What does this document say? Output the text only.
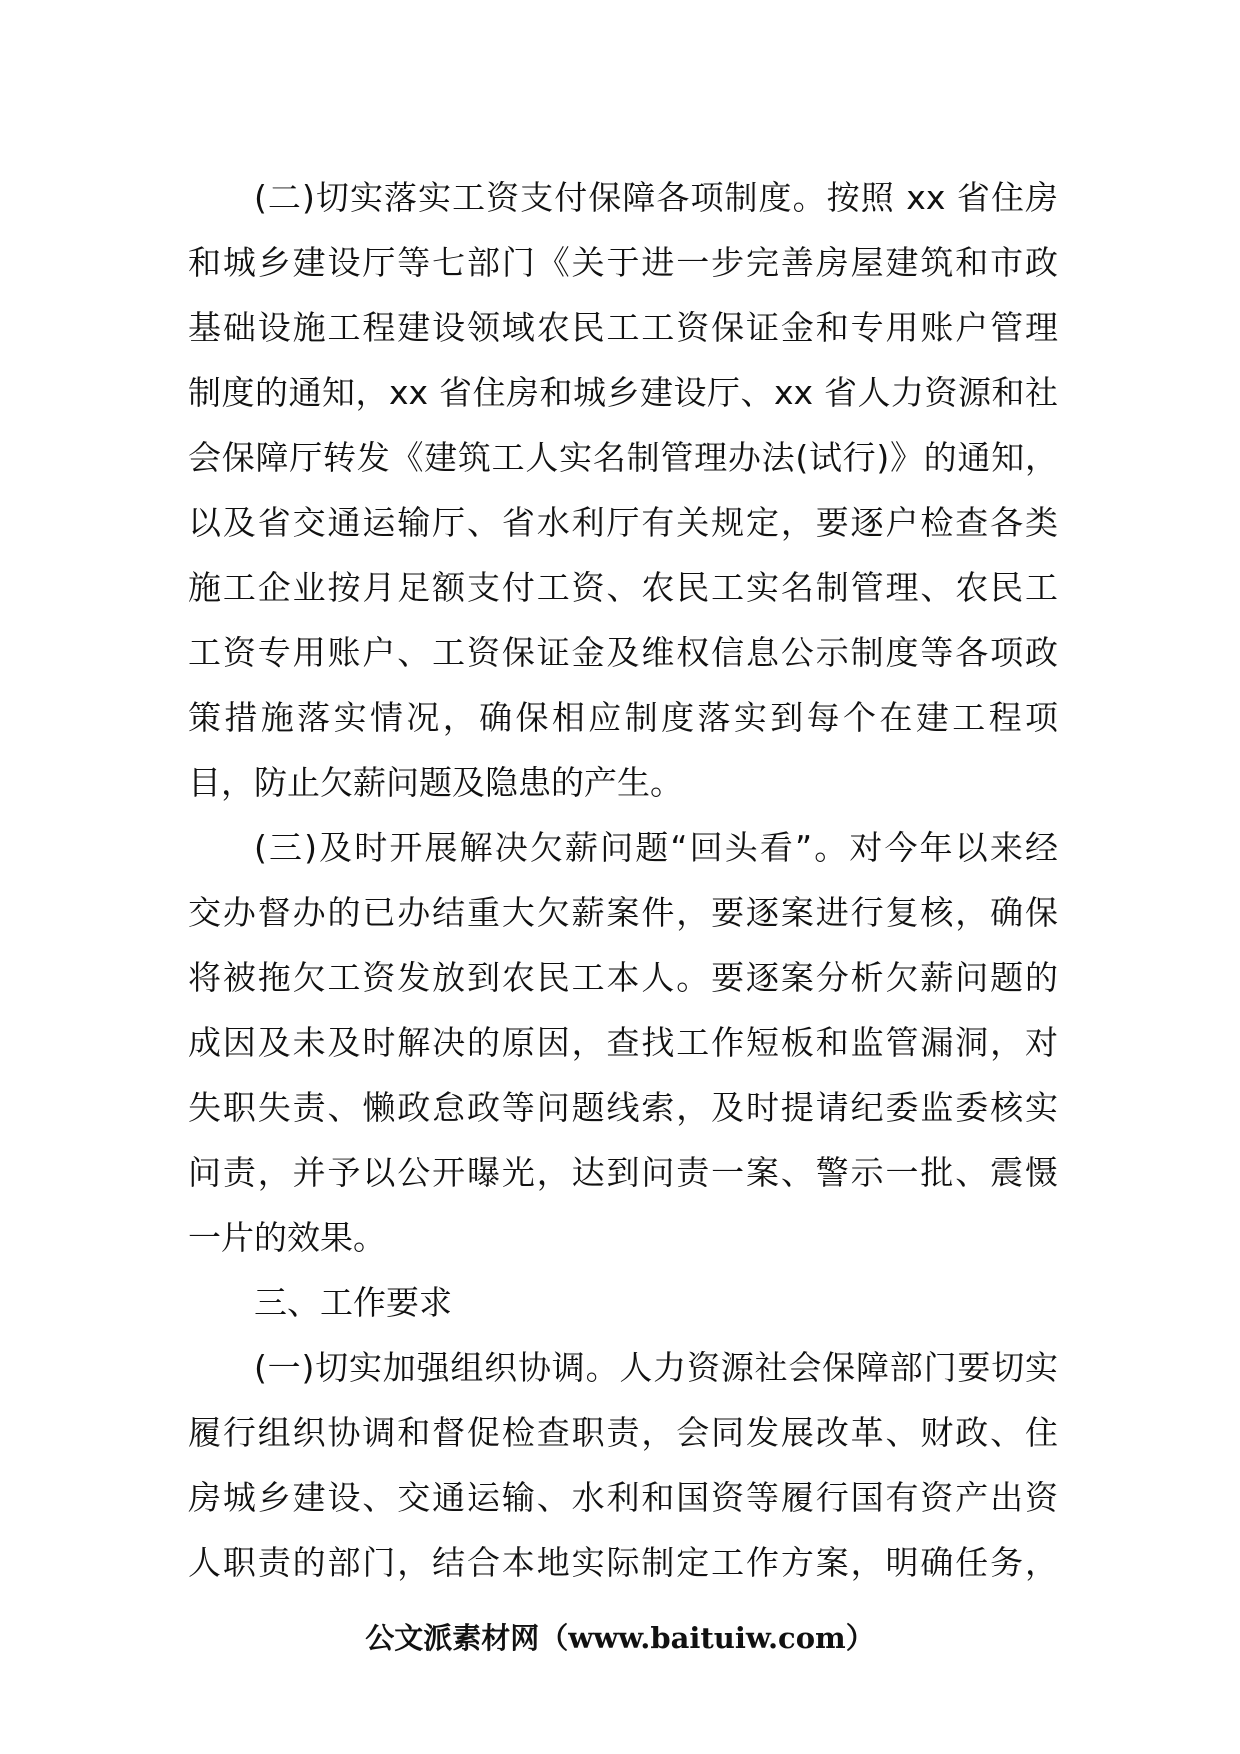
(二)切实落实工资支付保障各项制度。按照 xx 省住房
和城乡建设厅等七部门《关于进一步完善房屋建筑和市政
基础设施工程建设领域农民工工资保证金和专用账户管理
制度的通知，xx 省住房和城乡建设厅、xx 省人力资源和社
会保障厅转发《建筑工人实名制管理办法(试行)》的通知，
以及省交通运输厅、省水利厅有关规定，要逐户检查各类
施工企业按月足额支付工资、农民工实名制管理、农民工
工资专用账户、工资保证金及维权信息公示制度等各项政
策措施落实情况，确保相应制度落实到每个在建工程项
目，防止欠薪问题及隐患的产生。
(三)及时开展解决欠薪问题“回头看”。对今年以来经
交办督办的已办结重大欠薪案件，要逐案进行复核，确保
将被拖欠工资发放到农民工本人。要逐案分析欠薪问题的
成因及未及时解决的原因，查找工作短板和监管漏洞，对
失职失责、懒政怠政等问题线索，及时提请纪委监委核实
问责，并予以公开曝光，达到问责一案、警示一批、震慑
一片的效果。
三、工作要求
(一)切实加强组织协调。人力资源社会保障部门要切实
履行组织协调和督促检查职责，会同发展改革、财政、住
房城乡建设、交通运输、水利和国资等履行国有资产出资
人职责的部门，结合本地实际制定工作方案，明确任务，
公文派素材网（www.baituiw.com）
